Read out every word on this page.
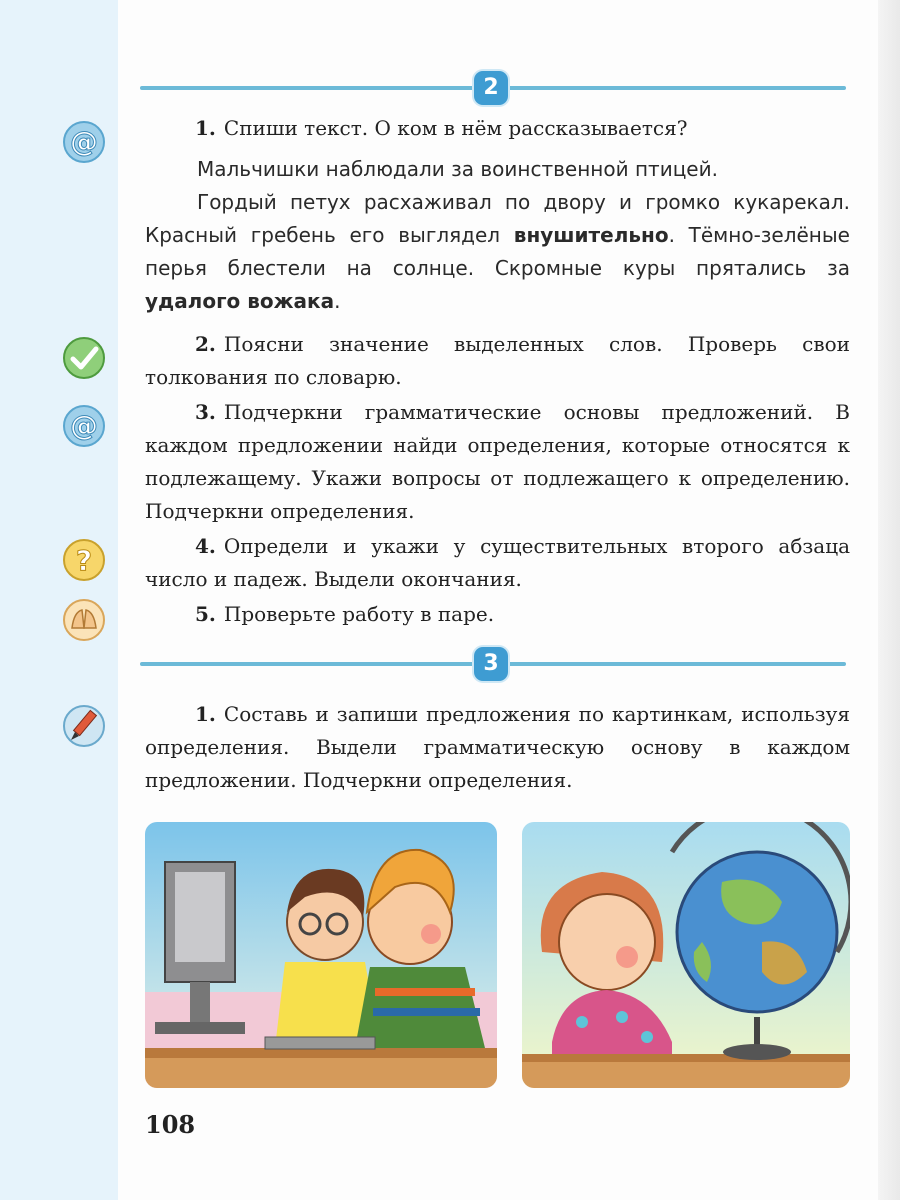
2
@
@
?
1. Спиши текст. О ком в нём рассказывается?

Мальчишки наблюдали за воинственной птицей.

Гордый петух расхаживал по двору и громко кукарекал. Красный гребень его выглядел внушительно. Тёмно-зелёные перья блестели на солнце. Скромные куры прятались за удалого вожака.

2. Поясни значение выделенных слов. Проверь свои толкования по словарю.
3. Подчеркни грамматические основы предложений. В каждом предложении найди определения, которые относятся к подлежащему. Укажи вопросы от подлежащего к определению. Подчеркни определения.
4. Определи и укажи у существительных второго абзаца число и падеж. Выдели окончания.
5. Проверьте работу в паре.
3
1. Составь и запиши предложения по картинкам, используя определения. Выдели грамматическую основу в каждом предложении. Подчеркни определения.
108
